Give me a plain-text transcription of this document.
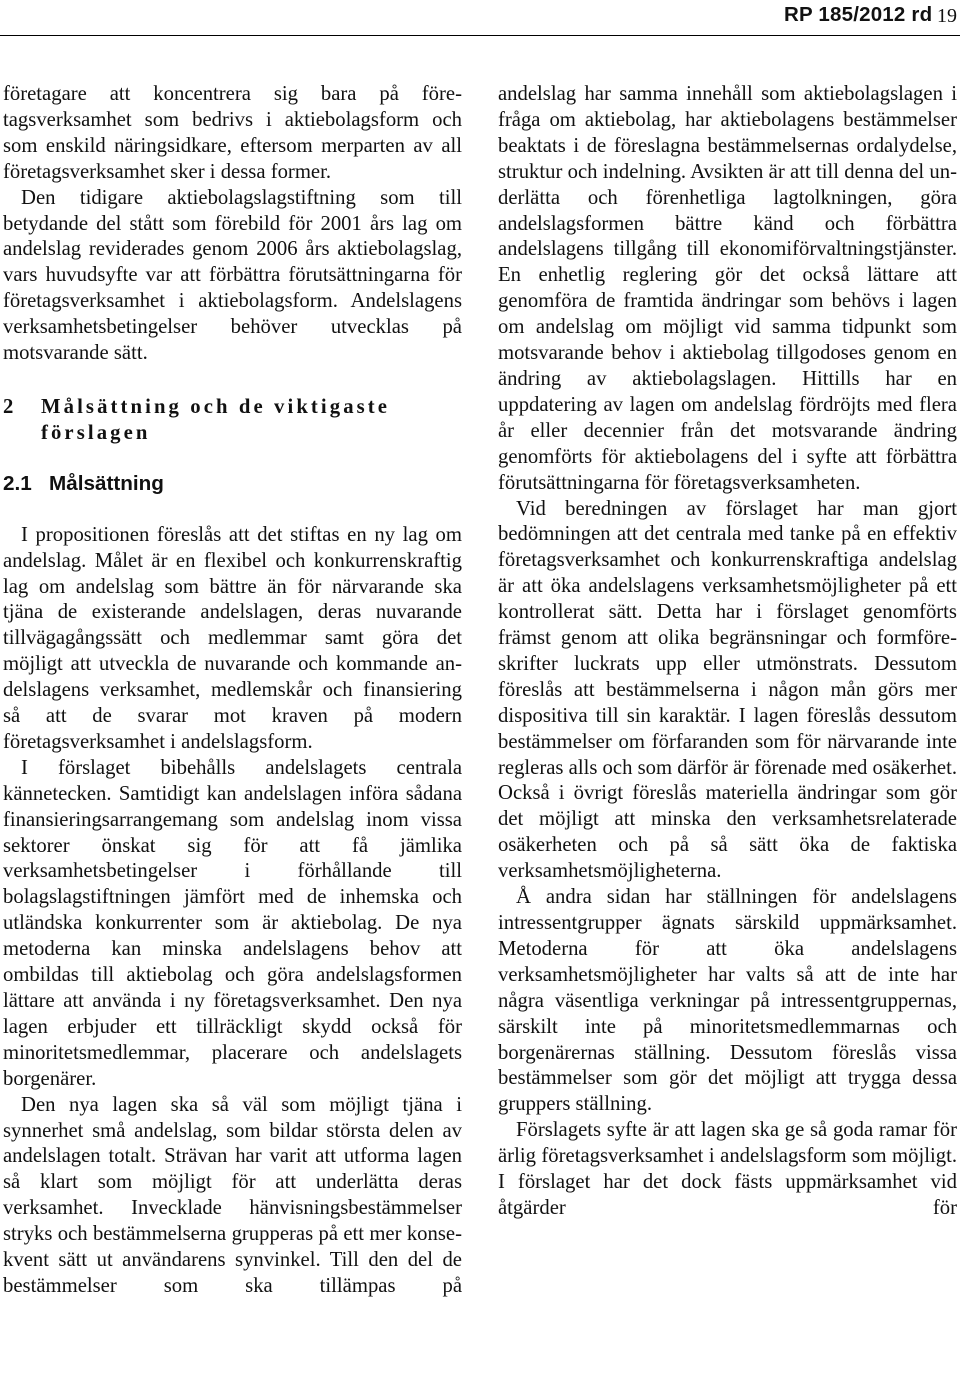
RP 185/2012 rd 19

företagare att koncentrera sig bara på företagsverksamhet som bedrivs i aktiebolagsform och som enskild näringsidkare, eftersom merparten av all företagsverksamhet sker i dessa former.

Den tidigare aktiebolagslagstiftning som till betydande del stått som förebild för 2001 års lag om andelslag reviderades genom 2006 års aktiebolagslag, vars huvudsyfte var att förbättra förutsättningarna för företagsverksamhet i aktiebolagsform. Andelslagens verksamhetsbetingelser behöver utvecklas på motsvarande sätt.

2 Målsättning och de viktigaste förslagen
2.1 Målsättning

I propositionen föreslås att det stiftas en ny lag om andelslag. Målet är en flexibel och konkurrenskraftig lag om andelslag som bättre än för närvarande ska tjäna de existerande andelslagen, deras nuvarande tillvägagångssätt och medlemmar samt göra det möjligt att utveckla de nuvarande och kommande andelslagens verksamhet, medlemskår och finansiering så att de svarar mot kraven på modern företagsverksamhet i andelslagsform.

I förslaget bibehålls andelslagets centrala kännetecken. Samtidigt kan andelslagen införa sådana finansieringsarrangemang som andelslag inom vissa sektorer önskat sig för att få jämlika verksamhetsbetingelser i förhållande till bolagslagstiftningen jämfört med de inhemska och utländska konkurrenter som är aktiebolag. De nya metoderna kan minska andelslagens behov att ombildas till aktiebolag och göra andelslagsformen lättare att använda i ny företagsverksamhet. Den nya lagen erbjuder ett tillräckligt skydd också för minoritetsmedlemmar, placerare och andelslagets borgenärer.

Den nya lagen ska så väl som möjligt tjäna i synnerhet små andelslag, som bildar största delen av andelslagen totalt. Strävan har varit att utforma lagen så klart som möjligt för att underlätta deras verksamhet. Invecklade hänvisningsbestämmelser stryks och bestämmelserna grupperas på ett mer konsekvent sätt ut användarens synvinkel. Till den del de bestämmelser som ska tillämpas på

andelslag har samma innehåll som aktiebolagslagen i fråga om aktiebolag, har aktiebolagens bestämmelser beaktats i de föreslagna bestämmelsernas ordalydelse, struktur och indelning. Avsikten är att till denna del underlätta och förenhetliga lagtolkningen, göra andelslagsformen bättre känd och förbättra andelslagens tillgång till ekonomiförvaltningstjänster. En enhetlig reglering gör det också lättare att genomföra de framtida ändringar som behövs i lagen om andelslag om möjligt vid samma tidpunkt som motsvarande behov i aktiebolag tillgodoses genom en ändring av aktiebolagslagen. Hittills har en uppdatering av lagen om andelslag fördröjts med flera år eller decennier från det motsvarande ändring genomförts för aktiebolagens del i syfte att förbättra förutsättningarna för företagsverksamheten.

Vid beredningen av förslaget har man gjort bedömningen att det centrala med tanke på en effektiv företagsverksamhet och konkurrenskraftiga andelslag är att öka andelslagens verksamhetsmöjligheter på ett kontrollerat sätt. Detta har i förslaget genomförts främst genom att olika begränsningar och formföreskrifter luckrats upp eller utmönstrats. Dessutom föreslås att bestämmelserna i någon mån görs mer dispositiva till sin karaktär. I lagen föreslås dessutom bestämmelser om förfaranden som för närvarande inte regleras alls och som därför är förenade med osäkerhet. Också i övrigt föreslås materiella ändringar som gör det möjligt att minska den verksamhetsrelaterade osäkerheten och på så sätt öka de faktiska verksamhetsmöjligheterna.

Å andra sidan har ställningen för andelslagens intressentgrupper ägnats särskild uppmärksamhet. Metoderna för att öka andelslagens verksamhetsmöjligheter har valts så att de inte har några väsentliga verkningar på intressentgruppernas, särskilt inte på minoritetsmedlemmarnas och borgenärernas ställning. Dessutom föreslås vissa bestämmelser som gör det möjligt att trygga dessa gruppers ställning.

Förslagets syfte är att lagen ska ge så goda ramar för ärlig företagsverksamhet i andelslagsform som möjligt. I förslaget har det dock fästs uppmärksamhet vid åtgärder för
